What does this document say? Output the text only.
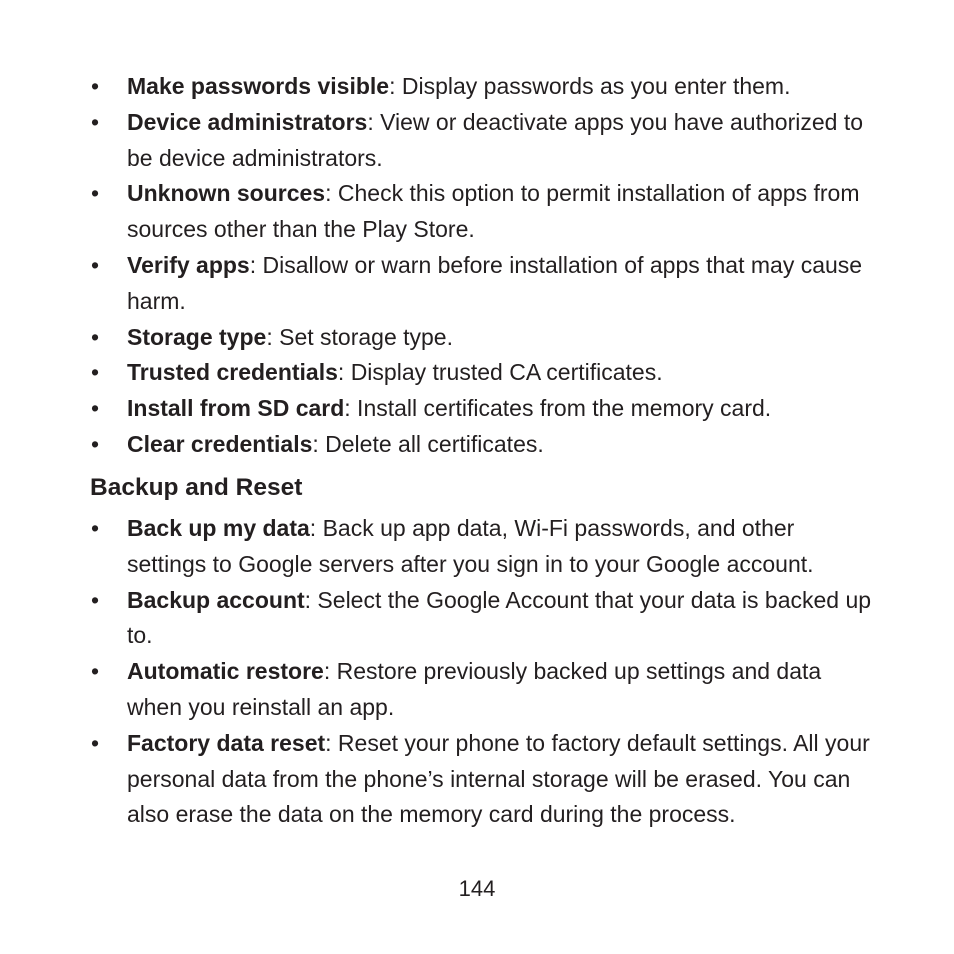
• Make passwords visible: Display passwords as you enter them.
• Device administrators: View or deactivate apps you have authorized to be device administrators.
• Unknown sources: Check this option to permit installation of apps from sources other than the Play Store.
• Verify apps: Disallow or warn before installation of apps that may cause harm.
• Storage type: Set storage type.
• Trusted credentials: Display trusted CA certificates.
• Install from SD card: Install certificates from the memory card.
• Clear credentials: Delete all certificates.
Backup and Reset
• Back up my data: Back up app data, Wi-Fi passwords, and other settings to Google servers after you sign in to your Google account.
• Backup account: Select the Google Account that your data is backed up to.
• Automatic restore: Restore previously backed up settings and data when you reinstall an app.
• Factory data reset: Reset your phone to factory default settings. All your personal data from the phone’s internal storage will be erased. You can also erase the data on the memory card during the process.
144
